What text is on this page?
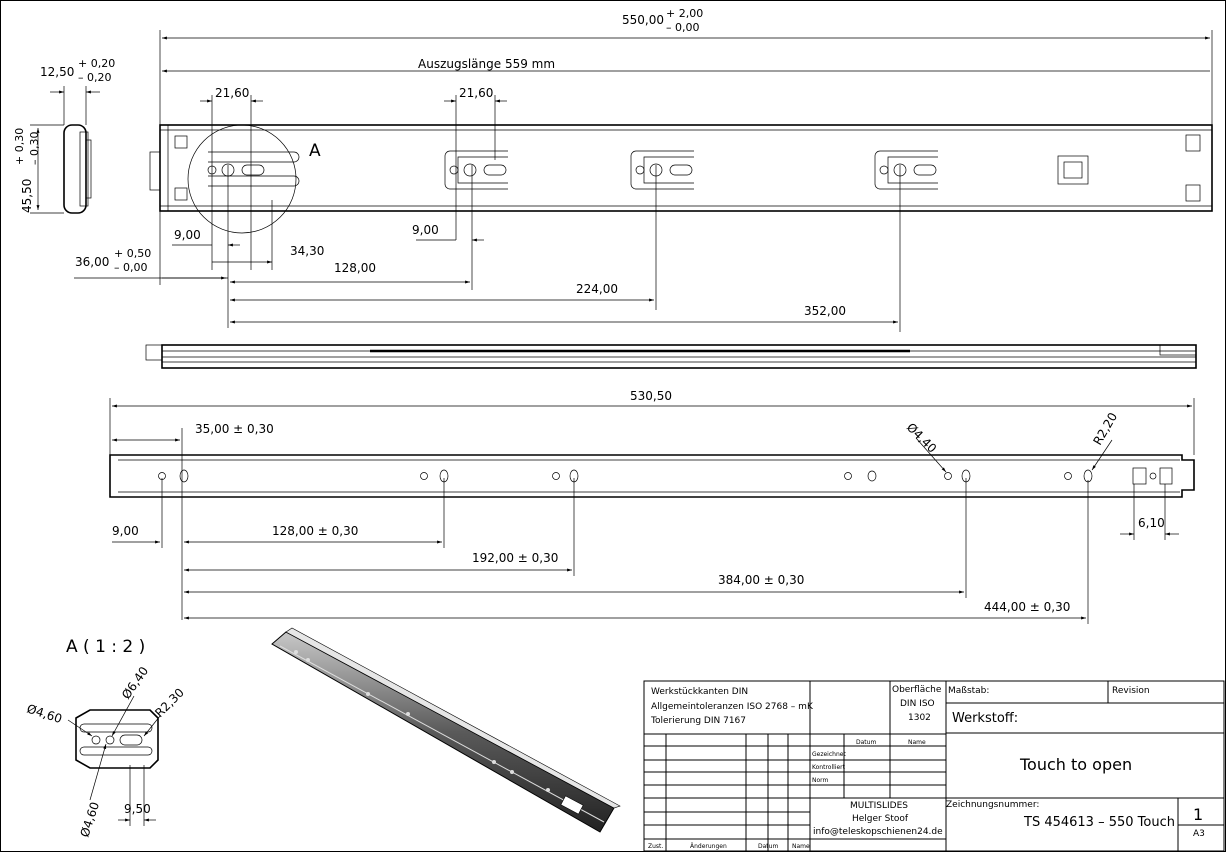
12,50
+ 0,20
– 0,20
45,50
+ 0,30 – 0,30
550,00 + 2,00
– 0,00
Auszugslänge 559 mm
21,60	21,60
A
9,00	9,00
34,30
36,00
+ 0,50
– 0,00	128,00
224,00
352,00
530,50
35,00 ± 0,30	Ø4,40	R2,20
9,00
6,10
128,00 ± 0,30
192,00 ± 0,30
384,00 ± 0,30
444,00 ± 0,30
A ( 1 : 2 )
Ø4,60
Ø6,40
R2,30
Ø4,60 9,50
Werkstückkanten DIN
Allgemeintoleranzen ISO 2768 – mK
Tolerierung DIN 7167
Oberfläche
DIN ISO
1302
Maßstab:	Revision
Werkstoff:
Datum	Name
Gezeichnet
Kontrolliert
Norm
Touch to open
MULTISLIDES
Helger Stoof
info@teleskopschienen24.de
Zeichnungsnummer:
TS 454613 – 550 Touch 1
A3
Zust.	Änderungen	Datum Name
